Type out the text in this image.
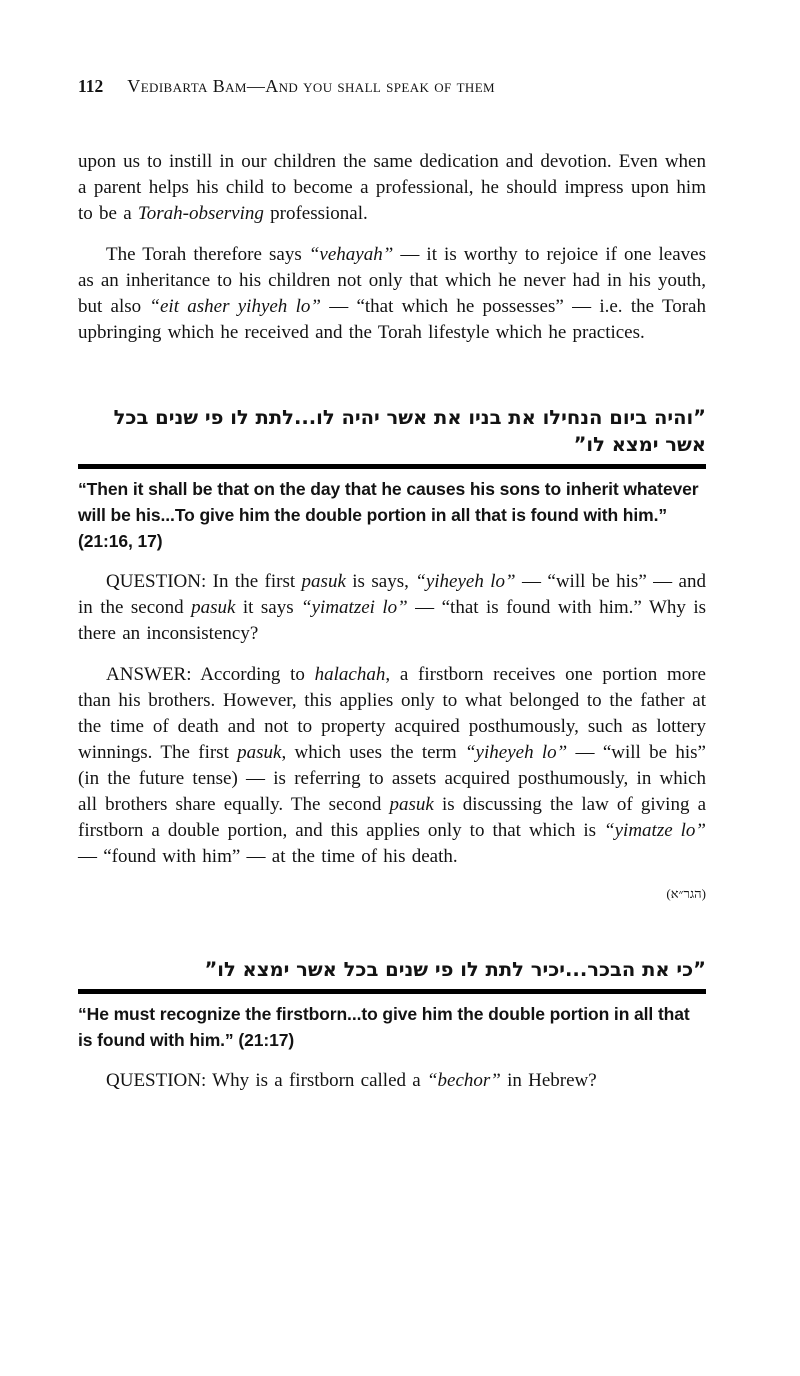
112 Vedibarta Bam—And you shall speak of them

upon us to instill in our children the same dedication and devotion. Even when a parent helps his child to become a professional, he should impress upon him to be a Torah-observing professional.

The Torah therefore says “vehayah” — it is worthy to rejoice if one leaves as an inheritance to his children not only that which he never had in his youth, but also “eit asher yihyeh lo” — “that which he possesses” — i.e. the Torah upbringing which he received and the Torah lifestyle which he practices.

”והיה ביום הנחילו את בניו את אשר יהיה לו...לתת לו פי שנים בכל אשר ימצא לו”

“Then it shall be that on the day that he causes his sons to inherit whatever will be his...To give him the double portion in all that is found with him.” (21:16, 17)

QUESTION: In the first pasuk is says, “yiheyeh lo” — “will be his” — and in the second pasuk it says “yimatzei lo” — “that is found with him.” Why is there an inconsistency?

ANSWER: According to halachah, a firstborn receives one portion more than his brothers. However, this applies only to what belonged to the father at the time of death and not to property acquired posthumously, such as lottery winnings. The first pasuk, which uses the term “yiheyeh lo” — “will be his” (in the future tense) — is referring to assets acquired posthumously, in which all brothers share equally. The second pasuk is discussing the law of giving a firstborn a double portion, and this applies only to that which is “yimatze lo” — “found with him” — at the time of his death.

(הגר״א)

”כי את הבכר...יכיר לתת לו פי שנים בכל אשר ימצא לו”

“He must recognize the firstborn...to give him the double portion in all that is found with him.” (21:17)

QUESTION: Why is a firstborn called a “bechor” in Hebrew?
